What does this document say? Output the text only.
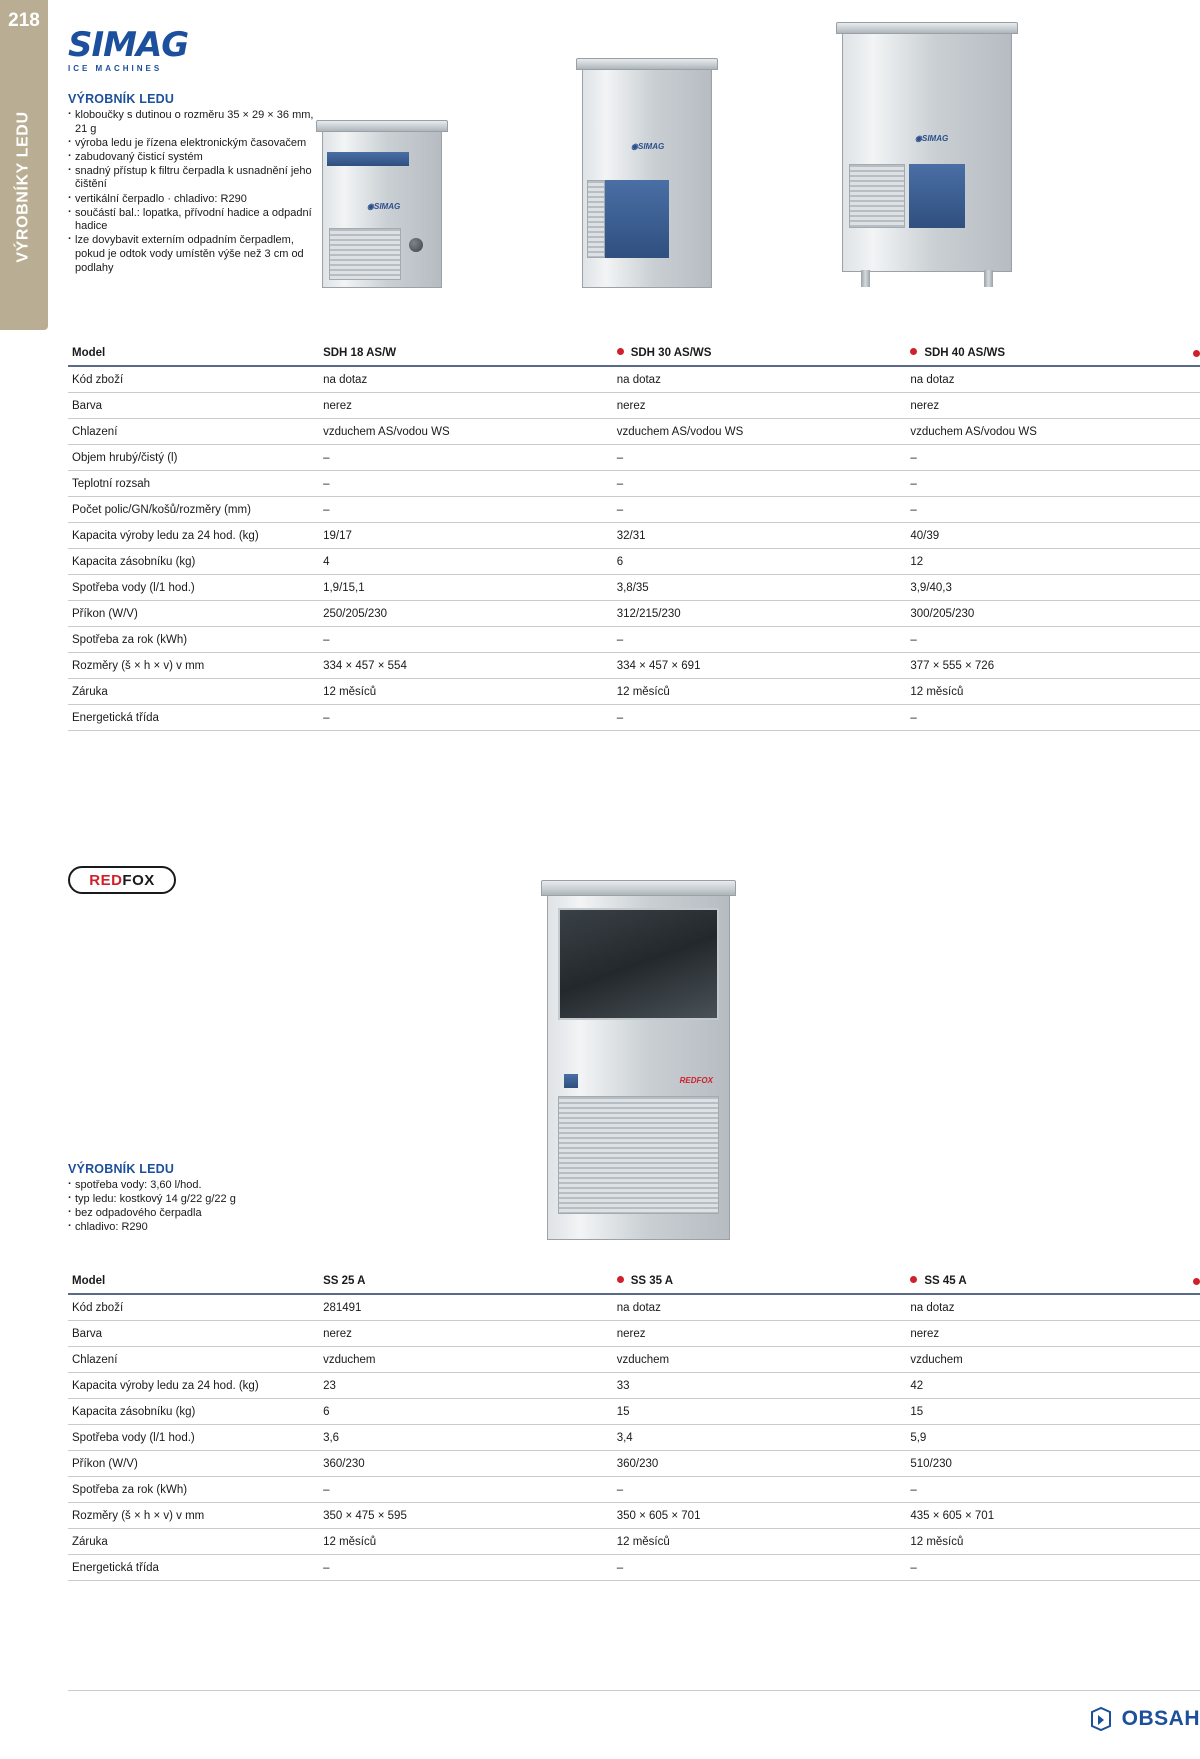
218
VÝROBNÍKY LEDU
SIMAG
ICE MACHINES
VÝROBNÍK LEDU
· kloboučky s dutinou o rozměru 35 × 29 × 36 mm, 21 g
· výroba ledu je řízena elektronickým časovačem
· zabudovaný čisticí systém
· snadný přístup k filtru čerpadla k usnadnění jeho čištění
· vertikální čerpadlo · chladivo: R290
· součástí bal.: lopatka, přívodní hadice a odpadní hadice
· lze dovybavit externím odpadním čerpadlem, pokud je odtok vody umístěn výše než 3 cm od podlahy
◉SIMAG
◉SIMAG
◉SIMAG
Model	SDH 18 AS/W	SDH 30 AS/WS	SDH 40 AS/WS

Kód zboží	na dotaz	na dotaz	na dotaz
Barva	nerez	nerez	nerez
Chlazení	vzduchem AS/vodou WS	vzduchem AS/vodou WS	vzduchem AS/vodou WS
Objem hrubý/čistý (l)	–	–	–
Teplotní rozsah	–	–	–
Počet polic/GN/košů/rozměry (mm)	–	–	–
Kapacita výroby ledu za 24 hod. (kg)	19/17	32/31	40/39
Kapacita zásobníku (kg)	4	6	12
Spotřeba vody (l/1 hod.)	1,9/15,1	3,8/35	3,9/40,3
Příkon (W/V)	250/205/230	312/215/230	300/205/230
Spotřeba za rok (kWh)	–	–	–
Rozměry (š × h × v) v mm	334 × 457 × 554	334 × 457 × 691	377 × 555 × 726
Záruka	12 měsíců	12 měsíců	12 měsíců
Energetická třída	–	–	–
REDFOX
REDFOX
VÝROBNÍK LEDU
· spotřeba vody: 3,60 l/hod.
· typ ledu: kostkový 14 g/22 g/22 g
· bez odpadového čerpadla
· chladivo: R290
Model	SS 25 A	SS 35 A	SS 45 A

Kód zboží	281491	na dotaz	na dotaz
Barva	nerez	nerez	nerez
Chlazení	vzduchem	vzduchem	vzduchem
Kapacita výroby ledu za 24 hod. (kg)	23	33	42
Kapacita zásobníku (kg)	6	15	15
Spotřeba vody (l/1 hod.)	3,6	3,4	5,9
Příkon (W/V)	360/230	360/230	510/230
Spotřeba za rok (kWh)	–	–	–
Rozměry (š × h × v) v mm	350 × 475 × 595	350 × 605 × 701	435 × 605 × 701
Záruka	12 měsíců	12 měsíců	12 měsíců
Energetická třída	–	–	–
OBSAH
